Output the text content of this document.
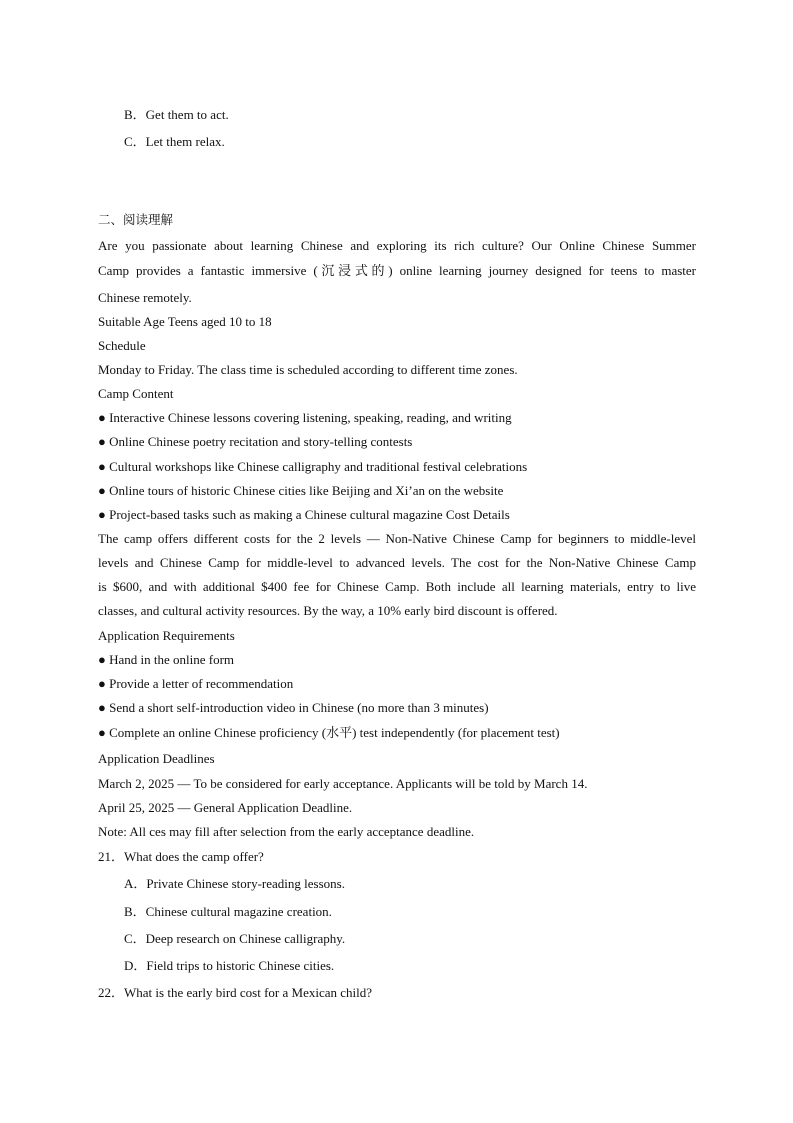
B．Get them to act.
C．Let them relax.
二、阅读理解
Are you passionate about learning Chinese and exploring its rich culture? Our Online Chinese Summer
Camp provides a fantastic immersive (沉浸式的) online learning journey designed for teens to master
Chinese remotely.
Suitable Age Teens aged 10 to 18
Schedule
Monday to Friday. The class time is scheduled according to different time zones.
Camp Content
● Interactive Chinese lessons covering listening, speaking, reading, and writing
● Online Chinese poetry recitation and story-telling contests
● Cultural workshops like Chinese calligraphy and traditional festival celebrations
● Online tours of historic Chinese cities like Beijing and Xi’an on the website
● Project-based tasks such as making a Chinese cultural magazine Cost Details
The camp offers different costs for the 2 levels — Non-Native Chinese Camp for beginners to middle-level
levels and Chinese Camp for middle-level to advanced levels. The cost for the Non-Native Chinese Camp
is $600, and with additional $400 fee for Chinese Camp. Both include all learning materials, entry to live
classes, and cultural activity resources. By the way, a 10% early bird discount is offered.
Application Requirements
● Hand in the online form
● Provide a letter of recommendation
● Send a short self-introduction video in Chinese (no more than 3 minutes)
● Complete an online Chinese proficiency (水平) test independently (for placement test)
Application Deadlines
March 2, 2025 — To be considered for early acceptance. Applicants will be told by March 14.
April 25, 2025 — General Application Deadline.
Note: All ces may fill after selection from the early acceptance deadline.
21．What does the camp offer?
A．Private Chinese story-reading lessons.
B．Chinese cultural magazine creation.
C．Deep research on Chinese calligraphy.
D．Field trips to historic Chinese cities.
22．What is the early bird cost for a Mexican child?
